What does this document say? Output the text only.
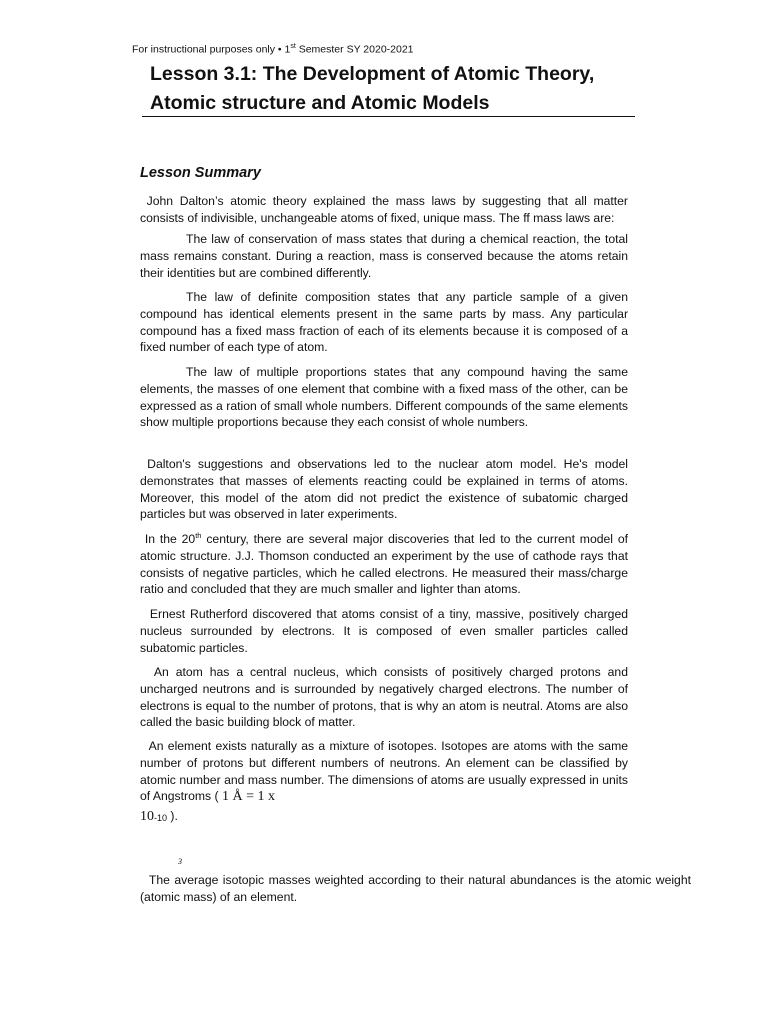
For instructional purposes only • 1st Semester SY 2020-2021
Lesson 3.1: The Development of Atomic Theory, Atomic structure and Atomic Models
Lesson Summary

John Dalton’s atomic theory explained the mass laws by suggesting that all matter consists of indivisible, unchangeable atoms of fixed, unique mass. The ff mass laws are:

The law of conservation of mass states that during a chemical reaction, the total mass remains constant. During a reaction, mass is conserved because the atoms retain their identities but are combined differently.

The law of definite composition states that any particle sample of a given compound has identical elements present in the same parts by mass. Any particular compound has a fixed mass fraction of each of its elements because it is composed of a fixed number of each type of atom.

The law of multiple proportions states that any compound having the same elements, the masses of one element that combine with a fixed mass of the other, can be expressed as a ration of small whole numbers. Different compounds of the same elements show multiple proportions because they each consist of whole numbers.

Dalton's suggestions and observations led to the nuclear atom model. He's model demonstrates that masses of elements reacting could be explained in terms of atoms. Moreover, this model of the atom did not predict the existence of subatomic charged particles but was observed in later experiments.

In the 20th century, there are several major discoveries that led to the current model of atomic structure. J.J. Thomson conducted an experiment by the use of cathode rays that consists of negative particles, which he called electrons. He measured their mass/charge ratio and concluded that they are much smaller and lighter than atoms.

Ernest Rutherford discovered that atoms consist of a tiny, massive, positively charged nucleus surrounded by electrons. It is composed of even smaller particles called subatomic particles.

An atom has a central nucleus, which consists of positively charged protons and uncharged neutrons and is surrounded by negatively charged electrons. The number of electrons is equal to the number of protons, that is why an atom is neutral. Atoms are also called the basic building block of matter.

An element exists naturally as a mixture of isotopes. Isotopes are atoms with the same number of protons but different numbers of neutrons. An element can be classified by atomic number and mass number. The dimensions of atoms are usually expressed in units of Angstroms ( 1 Å = 1 x

10-10 ).

3

The average isotopic masses weighted according to their natural abundances is the atomic weight (atomic mass) of an element.
